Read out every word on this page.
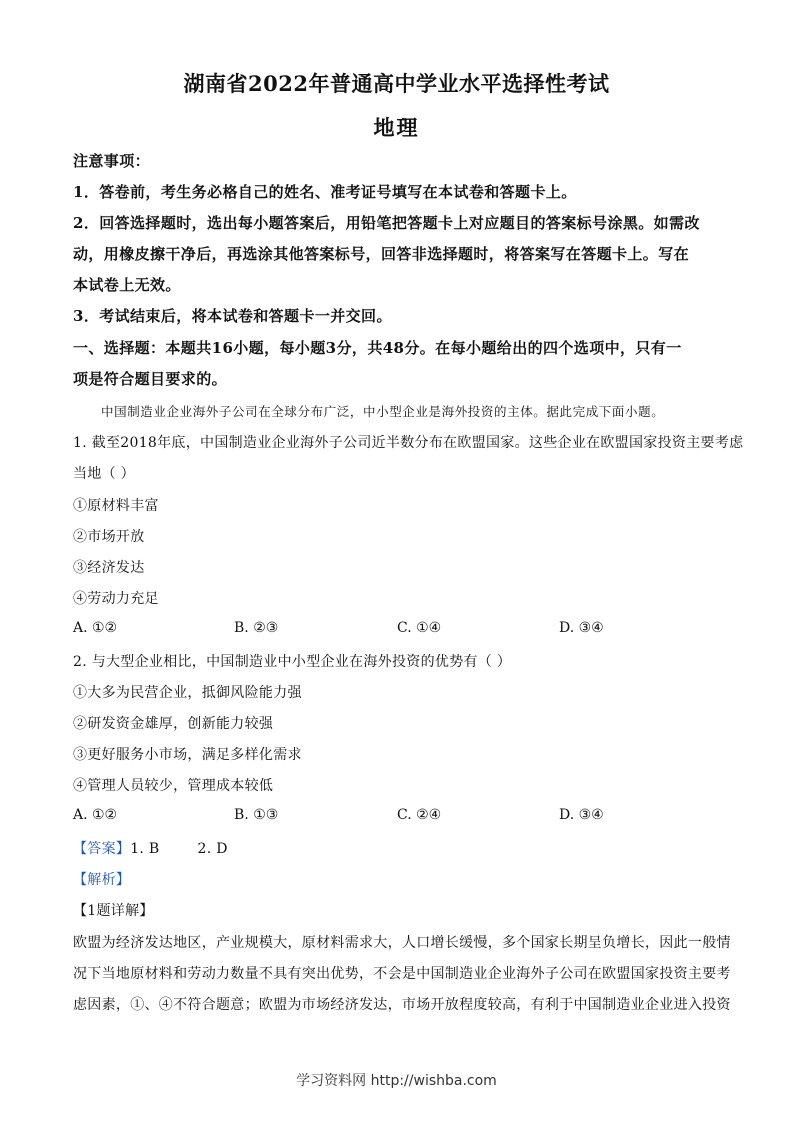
湖南省2022年普通高中学业水平选择性考试
地理
注意事项：
1．答卷前，考生务必格自己的姓名、准考证号填写在本试卷和答题卡上。
2．回答选择题时，选出每小题答案后，用铅笔把答题卡上对应题目的答案标号涂黑。如需改
动，用橡皮擦干净后，再选涂其他答案标号，回答非选择题时，将答案写在答题卡上。写在
本试卷上无效。
3．考试结束后，将本试卷和答题卡一并交回。
一、选择题：本题共16小题，每小题3分，共48分。在每小题给出的四个选项中，只有一
项是符合题目要求的。
中国制造业企业海外子公司在全球分布广泛，中小型企业是海外投资的主体。据此完成下面小题。
1. 截至2018年底，中国制造业企业海外子公司近半数分布在欧盟国家。这些企业在欧盟国家投资主要考虑
当地（ ）
①原材料丰富
②市场开放
③经济发达
④劳动力充足
A. ①②	B. ②③	C. ①④	D. ③④
2. 与大型企业相比，中国制造业中小型企业在海外投资的优势有（ ）
①大多为民营企业，抵御风险能力强
②研发资金雄厚，创新能力较强
③更好服务小市场，满足多样化需求
④管理人员较少，管理成本较低
A. ①②	B. ①③	C. ②④	D. ③④
【答案】1. B        2. D
【解析】
【1题详解】
欧盟为经济发达地区，产业规模大，原材料需求大，人口增长缓慢，多个国家长期呈负增长，因此一般情
况下当地原材料和劳动力数量不具有突出优势，不会是中国制造业企业海外子公司在欧盟国家投资主要考
虑因素，①、④不符合题意；欧盟为市场经济发达，市场开放程度较高，有利于中国制造业企业进入投资
学习资料网 http://wishba.com
